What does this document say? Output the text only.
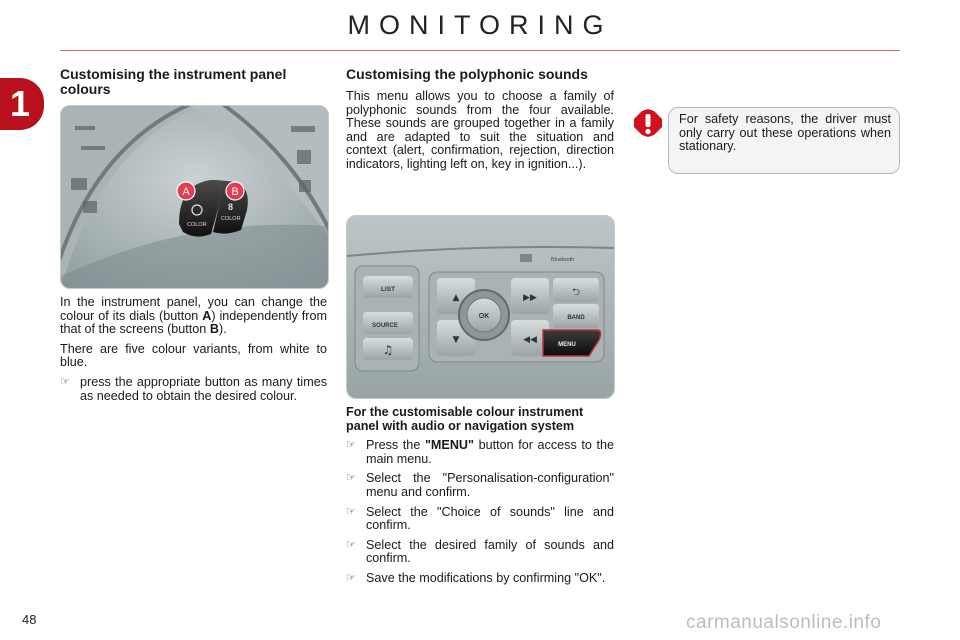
MONITORING
1
Customising the instrument panel colours
COLOR
8
COLOR
A	B

In the instrument panel, you can change the colour of its dials (button A) independently from that of the screens (button B).

There are five colour variants, from white to blue.

☞ press the appropriate button as many times as needed to obtain the desired colour.
Customising the polyphonic sounds

This menu allows you to choose a family of polyphonic sounds from the four available. These sounds are grouped together in a family and are adapted to suit the situation and context (alert, confirmation, rejection, direction indicators, lighting left on, key in ignition...).

LIST
SOURCE
♫
▲
▼
▶▶
◀◀
OK
⮌
BAND
MENU
Bluetooth
For the customisable colour instrument panel with audio or navigation system
☞ Press the "MENU" button for access to the main menu.
☞ Select the "Personalisation-configuration" menu and confirm.
☞ Select the "Choice of sounds" line and confirm.
☞ Select the desired family of sounds and confirm.
☞ Save the modifications by confirming "OK".

For safety reasons, the driver must only carry out these operations when stationary.

48	carmanualsonline.info
